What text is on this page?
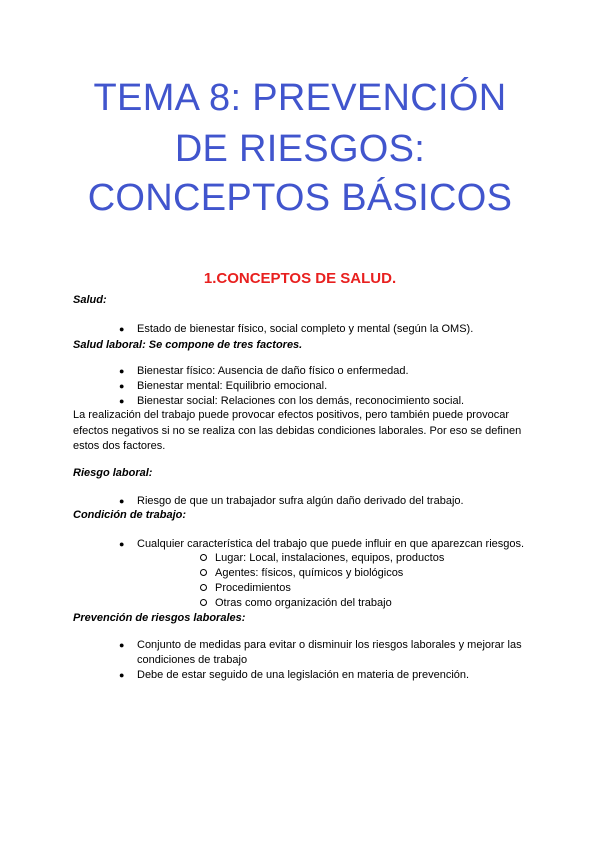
TEMA 8: PREVENCIÓN
DE RIESGOS:
CONCEPTOS BÁSICOS
1.CONCEPTOS DE SALUD.
Salud:
● Estado de bienestar físico, social completo y mental (según la OMS).
Salud laboral: Se compone de tres factores.
● Bienestar físico: Ausencia de daño físico o enfermedad.
● Bienestar mental: Equilibrio emocional.
● Bienestar social: Relaciones con los demás, reconocimiento social.
La realización del trabajo puede provocar efectos positivos, pero también puede provocar
efectos negativos si no se realiza con las debidas condiciones laborales. Por eso se definen
estos dos factores.
Riesgo laboral:
● Riesgo de que un trabajador sufra algún daño derivado del trabajo.
Condición de trabajo:
● Cualquier característica del trabajo que puede influir en que aparezcan riesgos.
Lugar: Local, instalaciones, equipos, productos
Agentes: físicos, químicos y biológicos
Procedimientos
Otras como organización del trabajo
Prevención de riesgos laborales:
● Conjunto de medidas para evitar o disminuir los riesgos laborales y mejorar las
condiciones de trabajo
● Debe de estar seguido de una legislación en materia de prevención.
